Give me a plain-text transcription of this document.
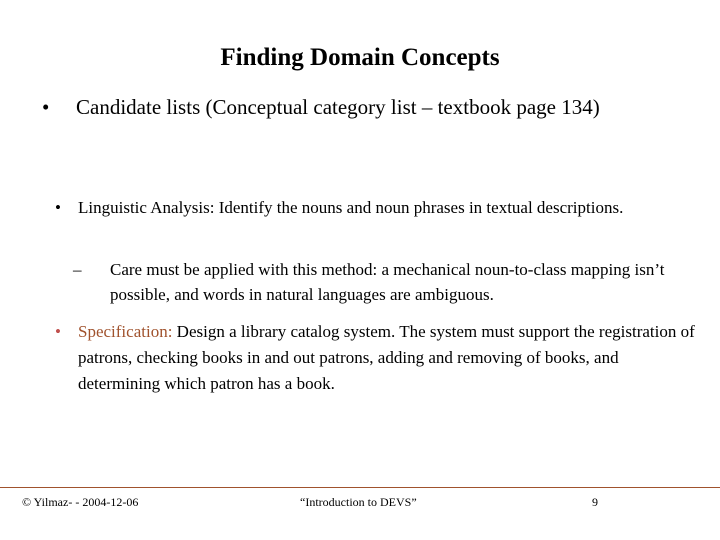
Finding Domain Concepts
•	Candidate lists (Conceptual category list – textbook page 134)
•	Linguistic Analysis: Identify the nouns and noun phrases in textual descriptions.
–	Care must be applied with this method: a mechanical noun-to-class mapping isn’t possible, and words in natural languages are ambiguous.
•	Specification: Design a library catalog system. The system must support the registration of patrons, checking books in and out patrons, adding and removing of books, and determining which patron has a book.
© Yilmaz- - 2004-12-06	“Introduction to DEVS”	9
